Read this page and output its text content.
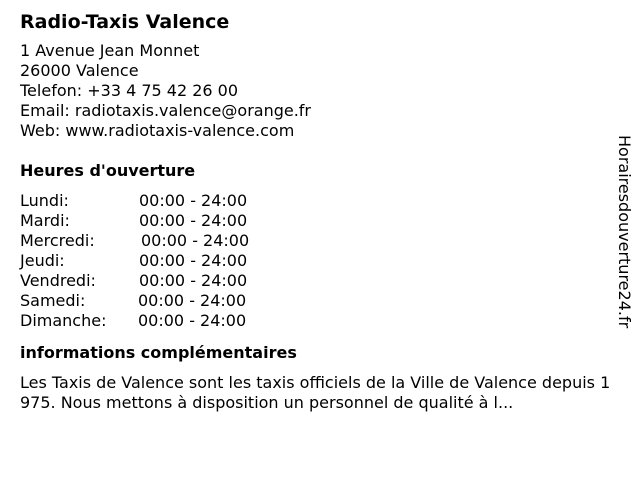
Radio-Taxis Valence
1 Avenue Jean Monnet
26000 Valence
Telefon: +33 4 75 42 26 00
Email: radiotaxis.valence@orange.fr
Web: www.radiotaxis-valence.com
Heures d'ouverture
Lundi:	00:00 - 24:00
Mardi:	00:00 - 24:00
Mercredi:	00:00 - 24:00
Jeudi:	00:00 - 24:00
Vendredi:	00:00 - 24:00
Samedi:	00:00 - 24:00
Dimanche: 00:00 - 24:00
informations complémentaires

Les Taxis de Valence sont les taxis officiels de la Ville de Valence depuis 1975. Nous mettons à disposition un personnel de qualité à l...

Horairesdouverture24.fr
